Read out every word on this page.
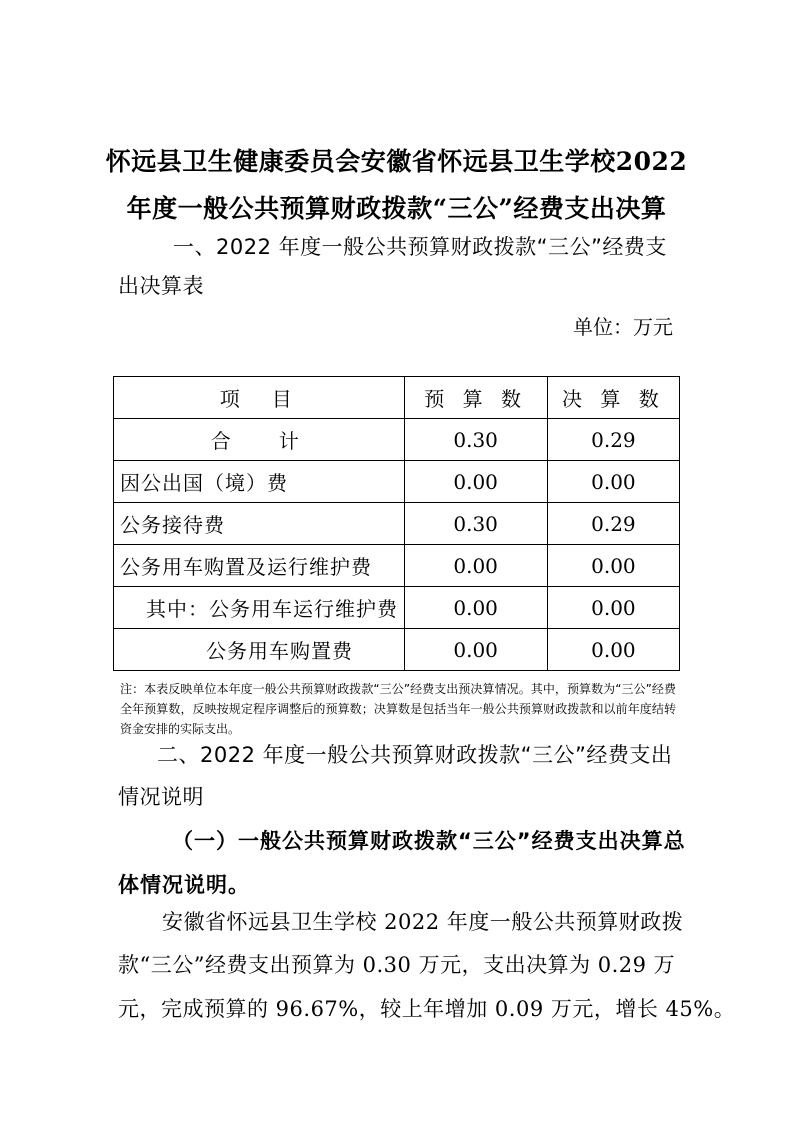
怀远县卫生健康委员会安徽省怀远县卫生学校2022
年度一般公共预算财政拨款“三公”经费支出决算
一、2022 年度一般公共预算财政拨款“三公”经费支
出决算表
单位：万元
项　目	预 算 数	决 算 数
合　计	0.30	0.29
因公出国（境）费	0.00	0.00
公务接待费	0.30	0.29
公务用车购置及运行维护费	0.00	0.00
其中：公务用车运行维护费	0.00	0.00
公务用车购置费	0.00	0.00
注：本表反映单位本年度一般公共预算财政拨款“三公”经费支出预决算情况。其中，预算数为“三公”经费全年预算数，反映按规定程序调整后的预算数；决算数是包括当年一般公共预算财政拨款和以前年度结转资金安排的实际支出。
二、2022 年度一般公共预算财政拨款“三公”经费支出
情况说明
（一）一般公共预算财政拨款“三公”经费支出决算总
体情况说明。
安徽省怀远县卫生学校 2022 年度一般公共预算财政拨
款“三公”经费支出预算为 0.30 万元，支出决算为 0.29 万
元，完成预算的 96.67%，较上年增加 0.09 万元，增长 45%。
